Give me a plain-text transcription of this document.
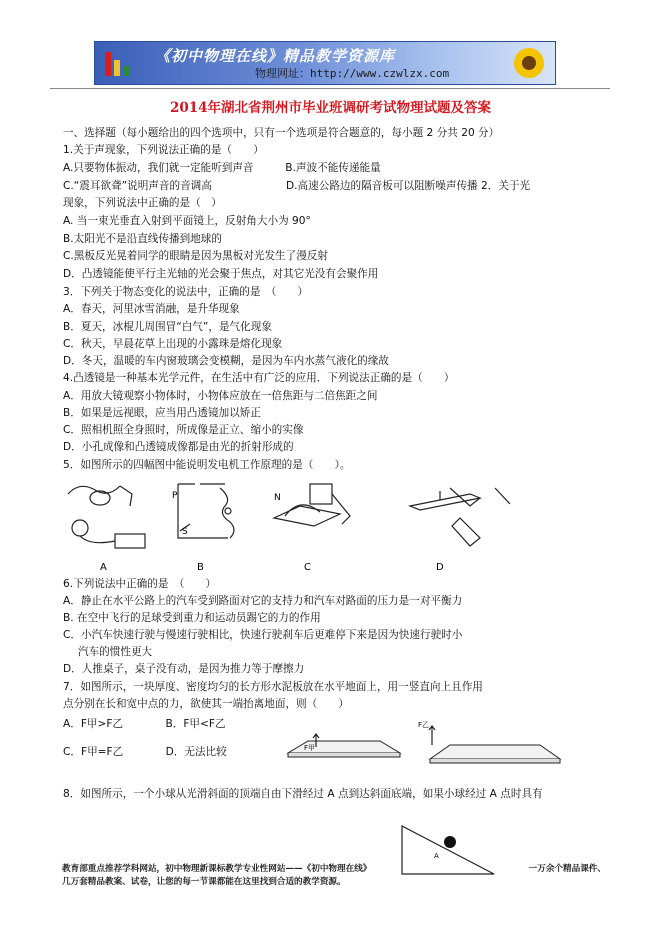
《初中物理在线》精品教学资源库
物理网址：http://www.czwlzx.com
2014年湖北省荆州市毕业班调研考试物理试题及答案
一、选择题（每小题给出的四个选项中，只有一个选项是符合题意的，每小题 2 分共 20 分）
1.关于声现象，下列说法正确的是（　　）
A.只要物体振动，我们就一定能听到声音　　　B.声波不能传递能量
C.“震耳欲聋”说明声音的音调高　　　　　　　D.高速公路边的隔音板可以阻断噪声传播 2．关于光
现象，下列说法中正确的是（　）
A. 当一束光垂直入射到平面镜上，反射角大小为 90°
B.太阳光不是沿直线传播到地球的
C.黑板反光晃着同学的眼睛是因为黑板对光发生了漫反射
D．凸透镜能使平行主光轴的光会聚于焦点，对其它光没有会聚作用
3．下列关于物态变化的说法中，正确的是　（　　）
A．春天，河里冰雪消融，是升华现象
B．夏天，冰棍儿周围冒“白气”，是气化现象
C．秋天，早晨花草上出现的小露珠是熔化现象
D．冬天，温暖的车内窗玻璃会变模糊，是因为车内水蒸气液化的缘故
4.凸透镜是一种基本光学元件，在生活中有广泛的应用．下列说法正确的是（　　）
A．用放大镜观察小物体时，小物体应放在一倍焦距与二倍焦距之间
B．如果是远视眼，应当用凸透镜加以矫正
C．照相机照全身照时，所成像是正立、缩小的实像
D．小孔成像和凸透镜成像都是由光的折射形成的
5．如图所示的四幅图中能说明发电机工作原理的是（　　）。
P
S
N
A	B	C	D
6.下列说法中正确的是　（　　）
A．静止在水平公路上的汽车受到路面对它的支持力和汽车对路面的压力是一对平衡力
B. 在空中飞行的足球受到重力和运动员踢它的力的作用
C．小汽车快速行驶与慢速行驶相比，快速行驶刹车后更难停下来是因为快速行驶时小
汽车的惯性更大
D．人推桌子，桌子没有动，是因为推力等于摩擦力
7．如图所示，一块厚度、密度均匀的长方形水泥板放在水平地面上，用一竖直向上且作用
点分别在长和宽中点的力，欲使其一端抬离地面，则（　　）
A．F甲>F乙　　　　B．F甲<F乙
C．F甲=F乙　　　　D．无法比较	F甲
F乙
8．如图所示，一个小球从光滑斜面的顶端自由下滑经过 A 点到达斜面底端，如果小球经过 A 点时具有
A
教育部重点推荐学科网站，初中物理新课标教学专业性网站——《初中物理在线》	一万余个精品课件、
几万套精品教案、试卷，让您的每一节课都能在这里找到合适的教学资源。
